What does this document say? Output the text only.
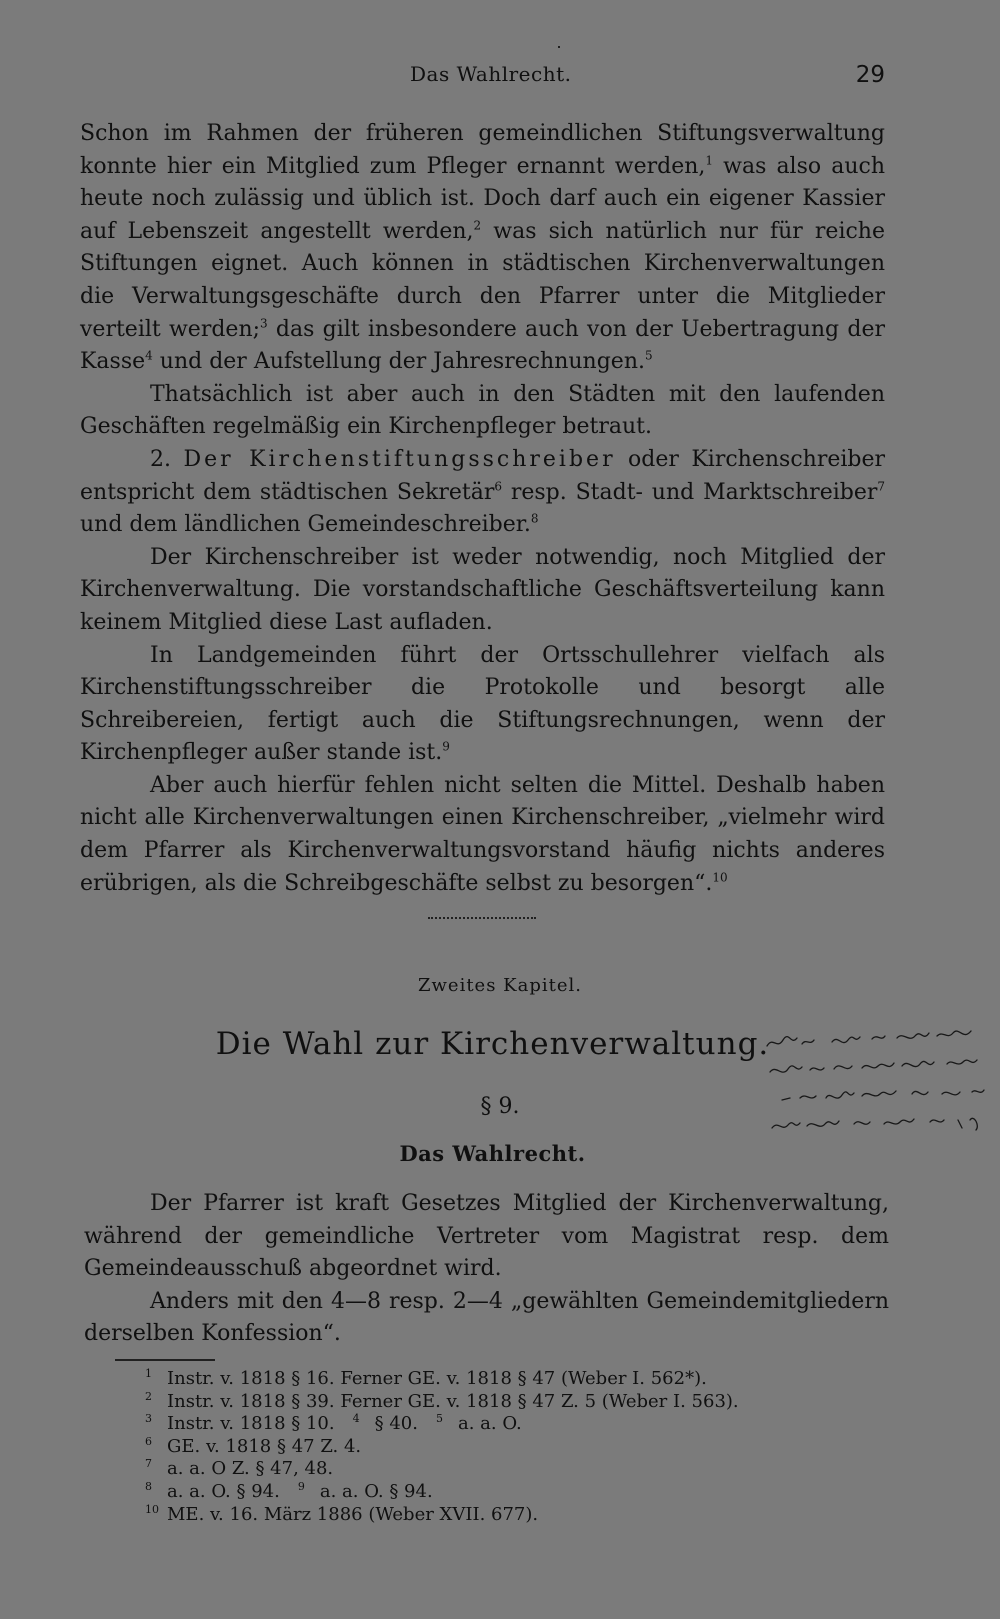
Das Wahlrecht.	29

Schon im Rahmen der früheren gemeindlichen Stiftungsverwaltung konnte hier ein Mitglied zum Pfleger ernannt werden,$^1$ was also auch heute noch zulässig und üblich ist. Doch darf auch ein eigener Kassier auf Lebenszeit angestellt werden,$^2$ was sich natürlich nur für reiche Stiftungen eignet. Auch können in städtischen Kirchenverwaltungen die Verwaltungsgeschäfte durch den Pfarrer unter die Mitglieder verteilt werden;$^3$ das gilt insbesondere auch von der Uebertragung der Kasse$^4$ und der Aufstellung der Jahresrechnungen.$^5$

Thatsächlich ist aber auch in den Städten mit den laufenden Geschäften regelmäßig ein Kirchenpfleger betraut.

2. Der Kirchenstiftungsschreiber oder Kirchenschreiber entspricht dem städtischen Sekretär$^6$ resp. Stadt- und Marktschreiber$^7$ und dem ländlichen Gemeindeschreiber.$^8$

Der Kirchenschreiber ist weder notwendig, noch Mitglied der Kirchenverwaltung. Die vorstandschaftliche Geschäftsverteilung kann keinem Mitglied diese Last aufladen.

In Landgemeinden führt der Ortsschullehrer vielfach als Kirchenstiftungsschreiber die Protokolle und besorgt alle Schreibereien, fertigt auch die Stiftungsrechnungen, wenn der Kirchenpfleger außer stande ist.$^9$

Aber auch hierfür fehlen nicht selten die Mittel. Deshalb haben nicht alle Kirchenverwaltungen einen Kirchenschreiber, „vielmehr wird dem Pfarrer als Kirchenverwaltungsvorstand häufig nichts anderes erübrigen, als die Schreibgeschäfte selbst zu besorgen“.$^{10}$

Zweites Kapitel.
Die Wahl zur Kirchenverwaltung.
§ 9.
Das Wahlrecht.

Der Pfarrer ist kraft Gesetzes Mitglied der Kirchenverwaltung, während der gemeindliche Vertreter vom Magistrat resp. dem Gemeindeausschuß abgeordnet wird.

Anders mit den 4—8 resp. 2—4 „gewählten Gemeindemitgliedern derselben Konfession“.

1 Instr. v. 1818 § 16. Ferner GE. v. 1818 § 47 (Weber I. 562*).

2 Instr. v. 1818 § 39. Ferner GE. v. 1818 § 47 Z. 5 (Weber I. 563).

3 Instr. v. 1818 § 10. 4 § 40. 5 a. a. O.

6 GE. v. 1818 § 47 Z. 4.

7 a. a. O Z. § 47, 48.

8 a. a. O. § 94. 9 a. a. O. § 94.

10 ME. v. 16. März 1886 (Weber XVII. 677).
